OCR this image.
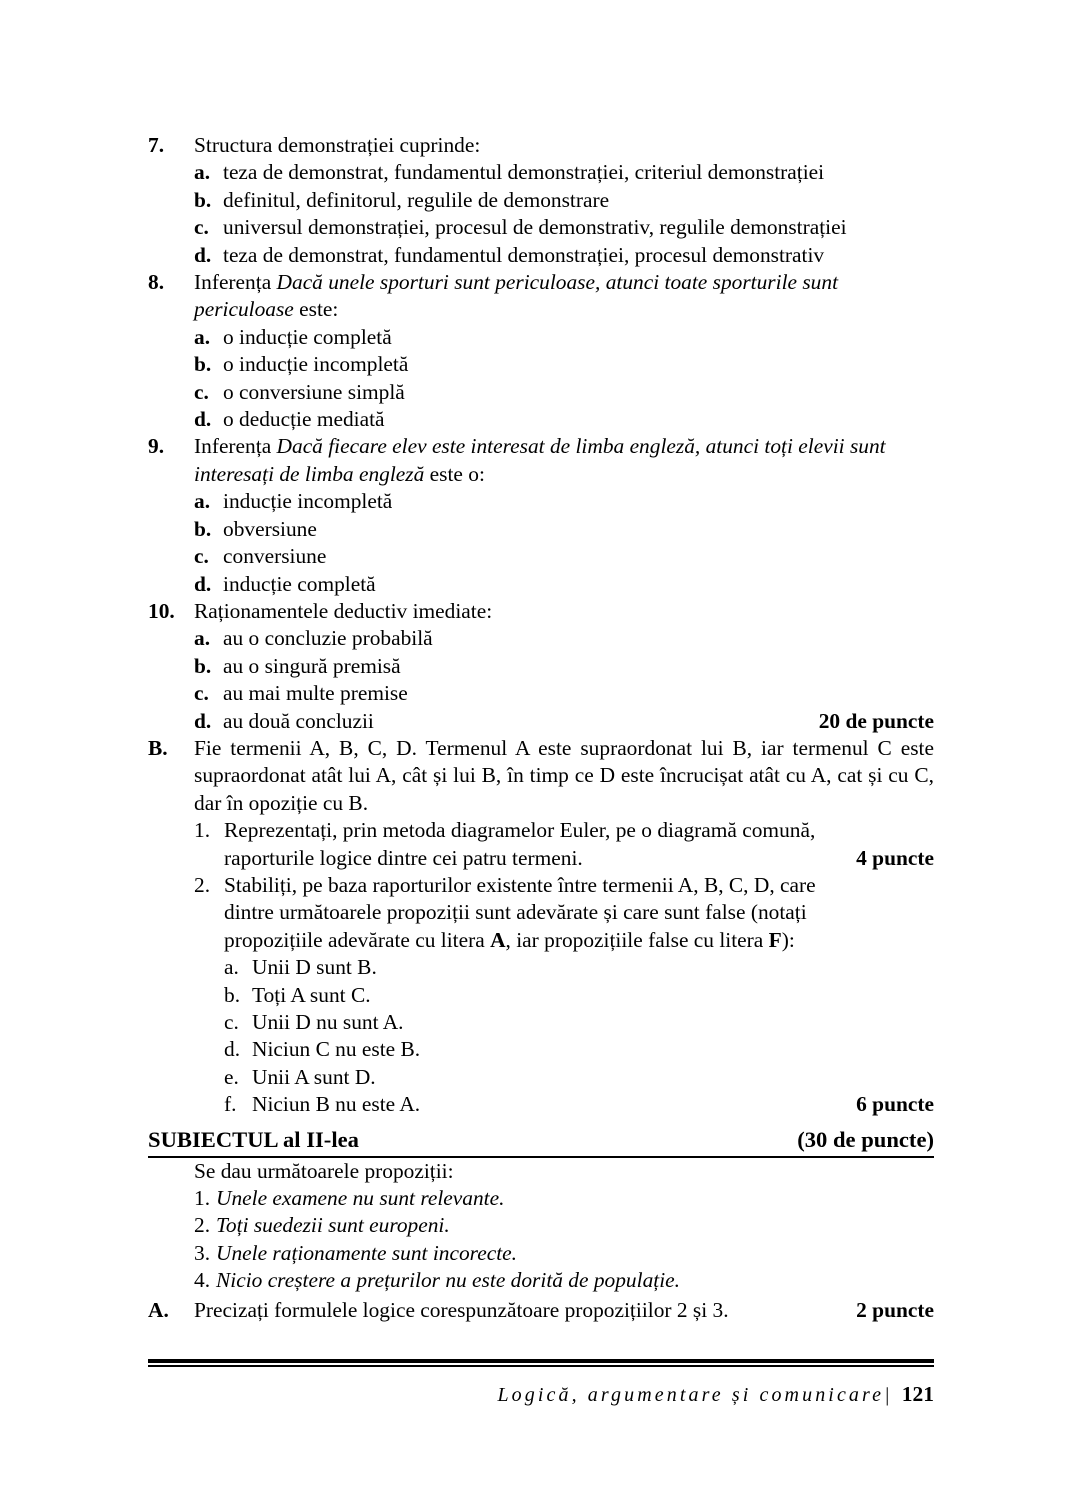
7.	Structura demonstrației cuprinde:
a. teza de demonstrat, fundamentul demonstrației, criteriul demonstrației
b. definitul, definitorul, regulile de demonstrare
c. universul demonstrației, procesul de demonstrativ, regulile demonstrației
d. teza de demonstrat, fundamentul demonstrației, procesul demonstrativ
8.	Inferența Dacă unele sporturi sunt periculoase, atunci toate sporturile sunt periculoase este:
a. o inducție completă
b. o inducție incompletă
c. o conversiune simplă
d. o deducție mediată
9.	Inferența Dacă fiecare elev este interesat de limba engleză, atunci toți elevii sunt interesați de limba engleză este o:
a. inducție incompletă
b. obversiune
c. conversiune
d. inducție completă
10. Raționamentele deductiv imediate:
a. au o concluzie probabilă
b. au o singură premisă
c. au mai multe premise
d. au două concluzii	20 de puncte
B.	Fie termenii A, B, C, D. Termenul A este supraordonat lui B, iar termenul C este supraordonat atât lui A, cât și lui B, în timp ce D este încrucișat atât cu A, cat și cu C, dar în opoziție cu B.
1. Reprezentați, prin metoda diagramelor Euler, pe o diagramă comună,
raporturile logice dintre cei patru termeni.	4 puncte
2. Stabiliți, pe baza raporturilor existente între termenii A, B, C, D, care
dintre următoarele propoziții sunt adevărate și care sunt false (notați
propozițiile adevărate cu litera A, iar propozițiile false cu litera F):
a. Unii D sunt B.
b. Toți A sunt C.
c. Unii D nu sunt A.
d. Niciun C nu este B.
e. Unii A sunt D.
f. Niciun B nu este A.	6 puncte
SUBIECTUL al II-lea	(30 de puncte)
Se dau următoarele propoziții:
1. Unele examene nu sunt relevante.
2. Toți suedezii sunt europeni.
3. Unele raționamente sunt incorecte.
4. Nicio creștere a prețurilor nu este dorită de populație.
A.	Precizați formulele logice corespunzătoare propozițiilor 2 și 3.	2 puncte
Logică, argumentare și comunicare| 121
